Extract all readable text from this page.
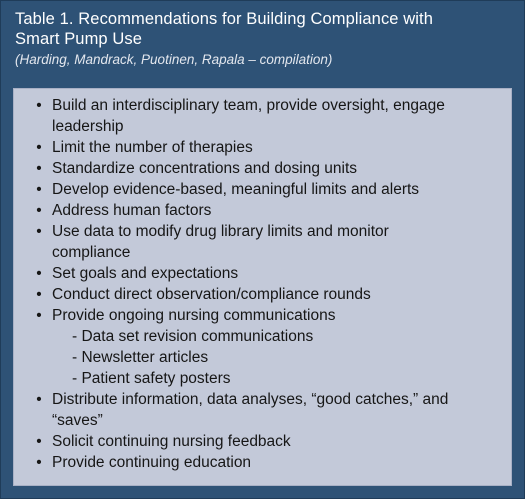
Table 1. Recommendations for Building Compliance with
Smart Pump Use
(Harding, Mandrack, Puotinen, Rapala – compilation)
• Build an interdisciplinary team, provide oversight, engage
leadership
• Limit the number of therapies
• Standardize concentrations and dosing units
• Develop evidence-based, meaningful limits and alerts
• Address human factors
• Use data to modify drug library limits and monitor
compliance
• Set goals and expectations
• Conduct direct observation/compliance rounds
• Provide ongoing nursing communications
- Data set revision communications
- Newsletter articles
- Patient safety posters
• Distribute information, data analyses, “good catches,” and
“saves”
• Solicit continuing nursing feedback
• Provide continuing education
